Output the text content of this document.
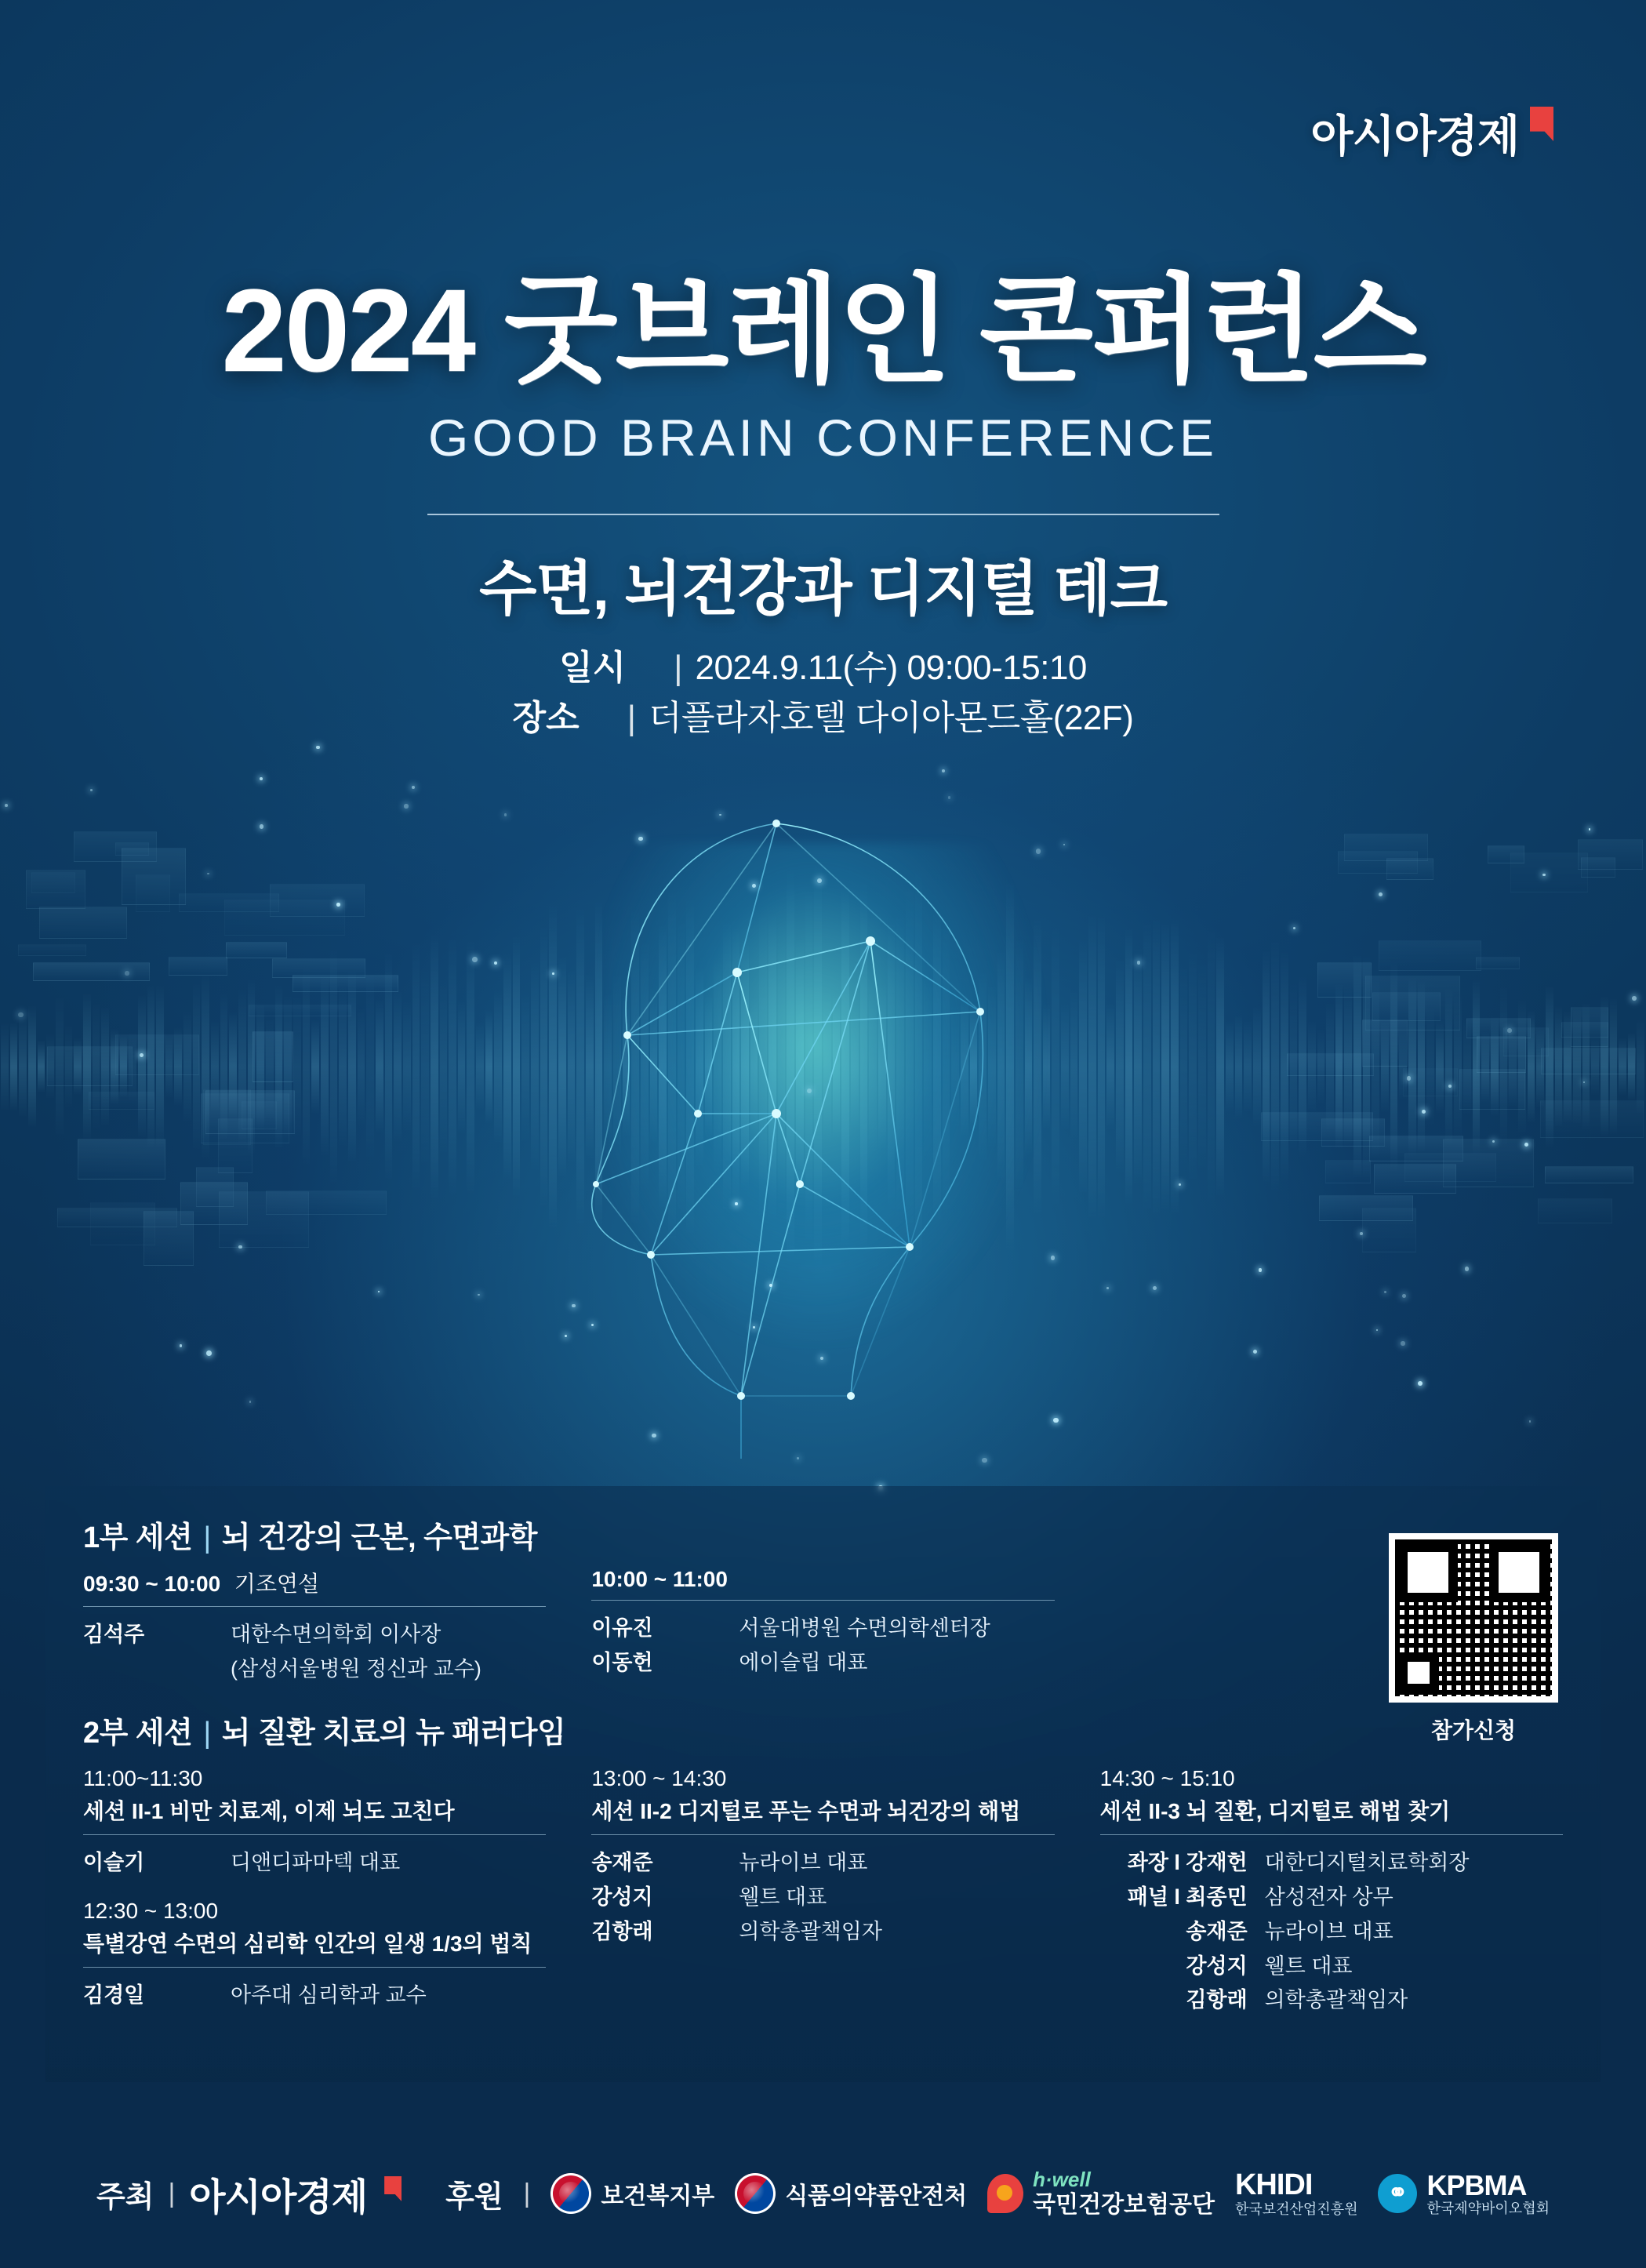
아시아경제
2024 굿브레인 콘퍼런스
GOOD BRAIN CONFERENCE
수면, 뇌건강과 디지털 테크
일시	| 2024.9.11(수) 09:00-15:10
장소	| 더플라자호텔 다이아몬드홀(22F)
1부 세션 | 뇌 건강의 근본, 수면과학
09:30 ~ 10:00 기조연설
김석주	대한수면의학회 이사장
(삼성서울병원 정신과 교수)
10:00 ~ 11:00
이유진	서울대병원 수면의학센터장
이동헌	에이슬립 대표
2부 세션 | 뇌 질환 치료의 뉴 패러다임
11:00~11:30
세션 II-1 비만 치료제, 이제 뇌도 고친다
이슬기	디앤디파마텍 대표
12:30 ~ 13:00
특별강연 수면의 심리학 인간의 일생 1/3의 법칙
김경일	아주대 심리학과 교수
13:00 ~ 14:30
세션 II-2 디지털로 푸는 수면과 뇌건강의 해법
송재준	뉴라이브 대표
강성지	웰트 대표
김항래	의학총괄책임자
14:30 ~ 15:10
세션 II-3 뇌 질환, 디지털로 해법 찾기
좌장 l 강재헌 대한디지털치료학회장
패널 l 최종민 삼성전자 상무
송재준 뉴라이브 대표
강성지 웰트 대표
김항래 의학총괄책임자
참가신청
주최 | 아시아경제	후원 |	보건복지부	식품의약품안전처
h·well
국민건강보험공단
KHIDI
한국보건산업진흥원
⚭ KPBMA
한국제약바이오협회
